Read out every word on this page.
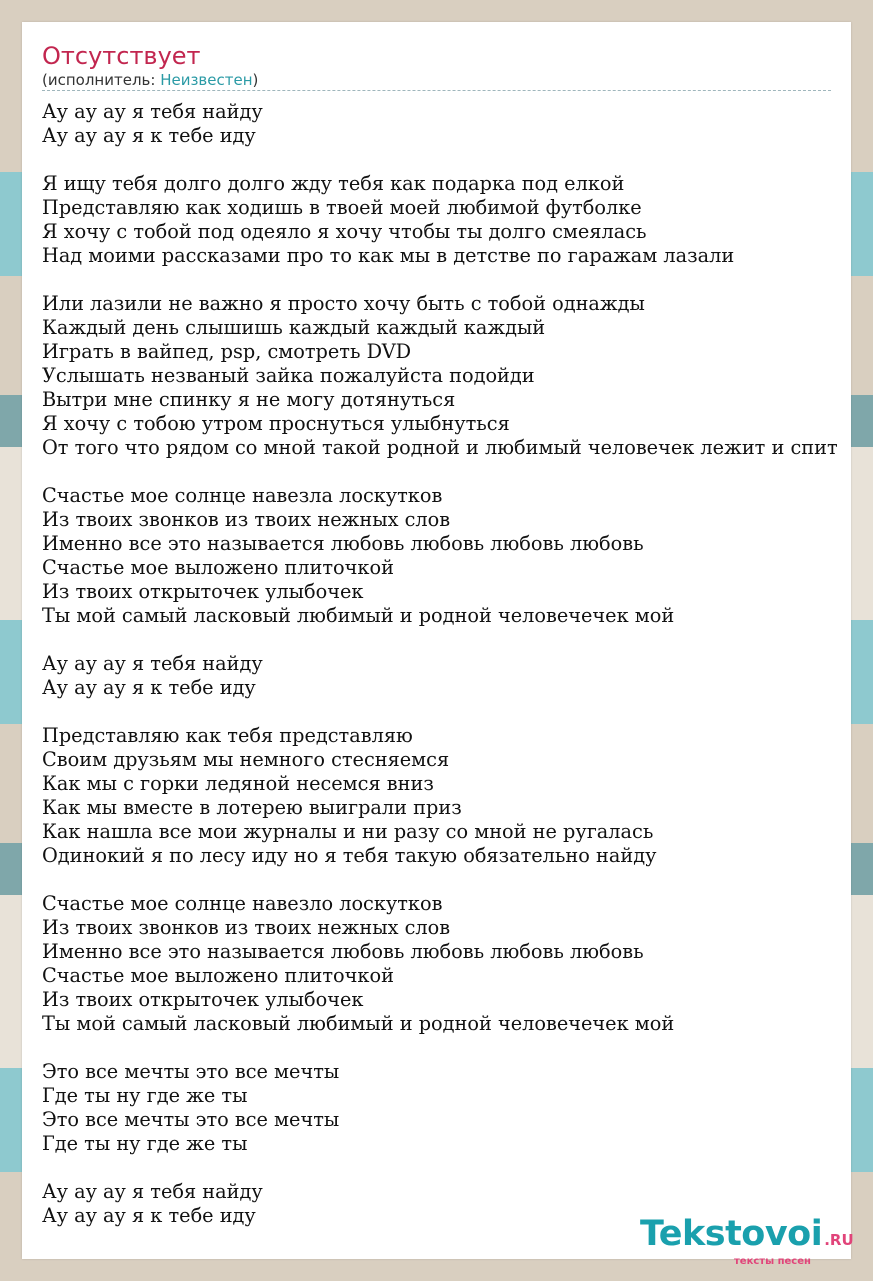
Отсутствует
(исполнитель: Неизвестен)
Ау ау ау я тебя найду
Ау ау ау я к тебе иду
Я ищу тебя долго долго жду тебя как подарка под елкой
Представляю как ходишь в твоей моей любимой футболке
Я хочу с тобой под одеяло я хочу чтобы ты долго смеялась
Над моими рассказами про то как мы в детстве по гаражам лазали
Или лазили не важно я просто хочу быть с тобой однажды
Каждый день слышишь каждый каждый каждый
Играть в вайпед, psp, смотреть DVD
Услышать незваный зайка пожалуйста подойди
Вытри мне спинку я не могу дотянуться
Я хочу с тобою утром проснуться улыбнуться
От того что рядом со мной такой родной и любимый человечек лежит и спит
Счастье мое солнце навезла лоскутков
Из твоих звонков из твоих нежных слов
Именно все это называется любовь любовь любовь любовь
Счастье мое выложено плиточкой
Из твоих открыточек улыбочек
Ты мой самый ласковый любимый и родной человечечек мой
Ау ау ау я тебя найду
Ау ау ау я к тебе иду
Представляю как тебя представляю
Своим друзьям мы немного стесняемся
Как мы с горки ледяной несемся вниз
Как мы вместе в лотерею выиграли приз
Как нашла все мои журналы и ни разу со мной не ругалась
Одинокий я по лесу иду но я тебя такую обязательно найду
Счастье мое солнце навезло лоскутков
Из твоих звонков из твоих нежных слов
Именно все это называется любовь любовь любовь любовь
Счастье мое выложено плиточкой
Из твоих открыточек улыбочек
Ты мой самый ласковый любимый и родной человечечек мой
Это все мечты это все мечты
Где ты ну где же ты
Это все мечты это все мечты
Где ты ну где же ты
Ау ау ау я тебя найду
Ау ау ау я к тебе иду	Tekstovoi .RU
тексты песен
